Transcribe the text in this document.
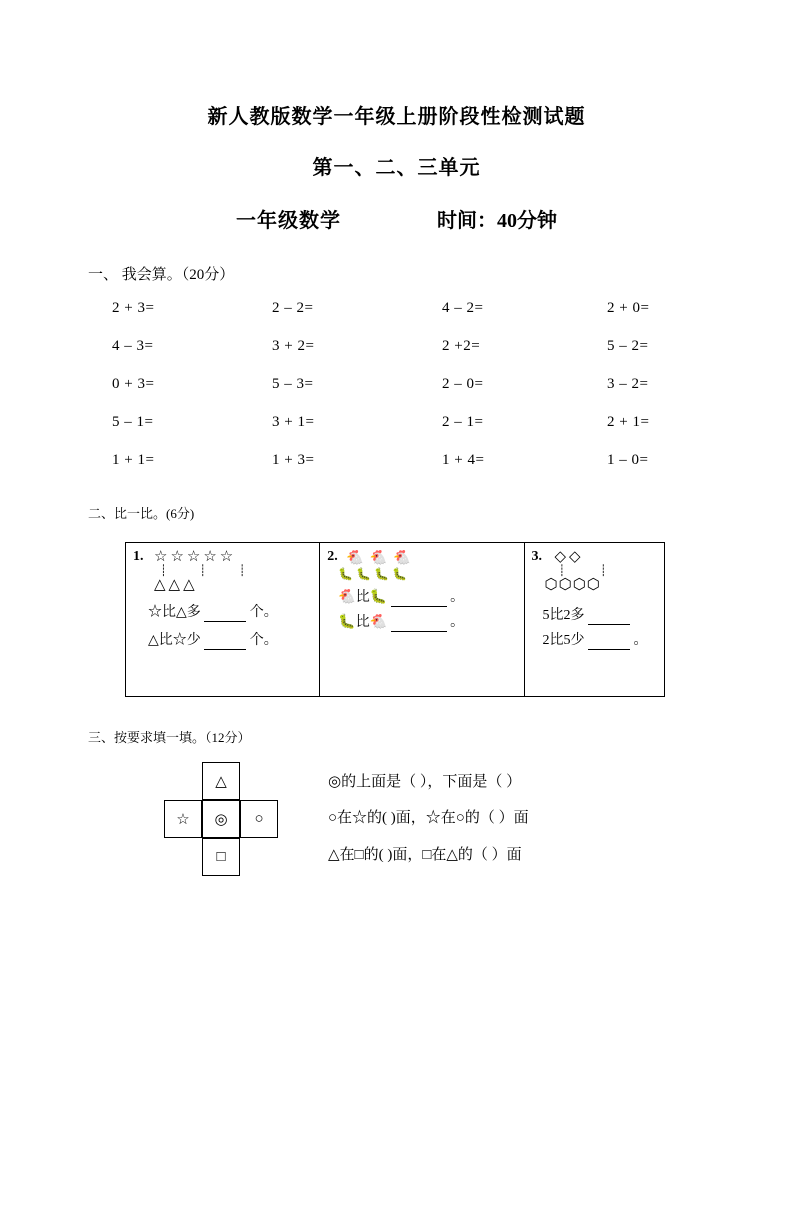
新人教版数学一年级上册阶段性检测试题
第一、二、三单元
一年级数学	时间：40分钟
一、 我会算。（20分）
2 + 3=	2 – 2=	4 – 2=	2 + 0=
4 – 3=	3 + 2=	2 +2=	5 – 2=
0 + 3=	5 – 3=	2 – 0=	3 – 2=
5 – 1=	3 + 1=	2 – 1=	2 + 1=
1 + 1=	1 + 3=	1 + 4=	1 – 0=
二、比一比。(6分)
1. ☆☆☆☆☆
┊ ┊ ┊
△△△
☆比△多	个。
△比☆少	个。
2. 🐔🐔🐔
🐛🐛🐛🐛
🐔比🐛	。
🐛比🐔	。
3. ◇◇
┊ ┊
⬡⬡⬡⬡
5比2多
2比5少	。
三、按要求填一填。（12分）
△
☆	◎	○
□
◎的上面是（ ），下面是（ ）
○在☆的( )面，☆在○的（ ）面
△在□的( )面，□在△的（ ）面
